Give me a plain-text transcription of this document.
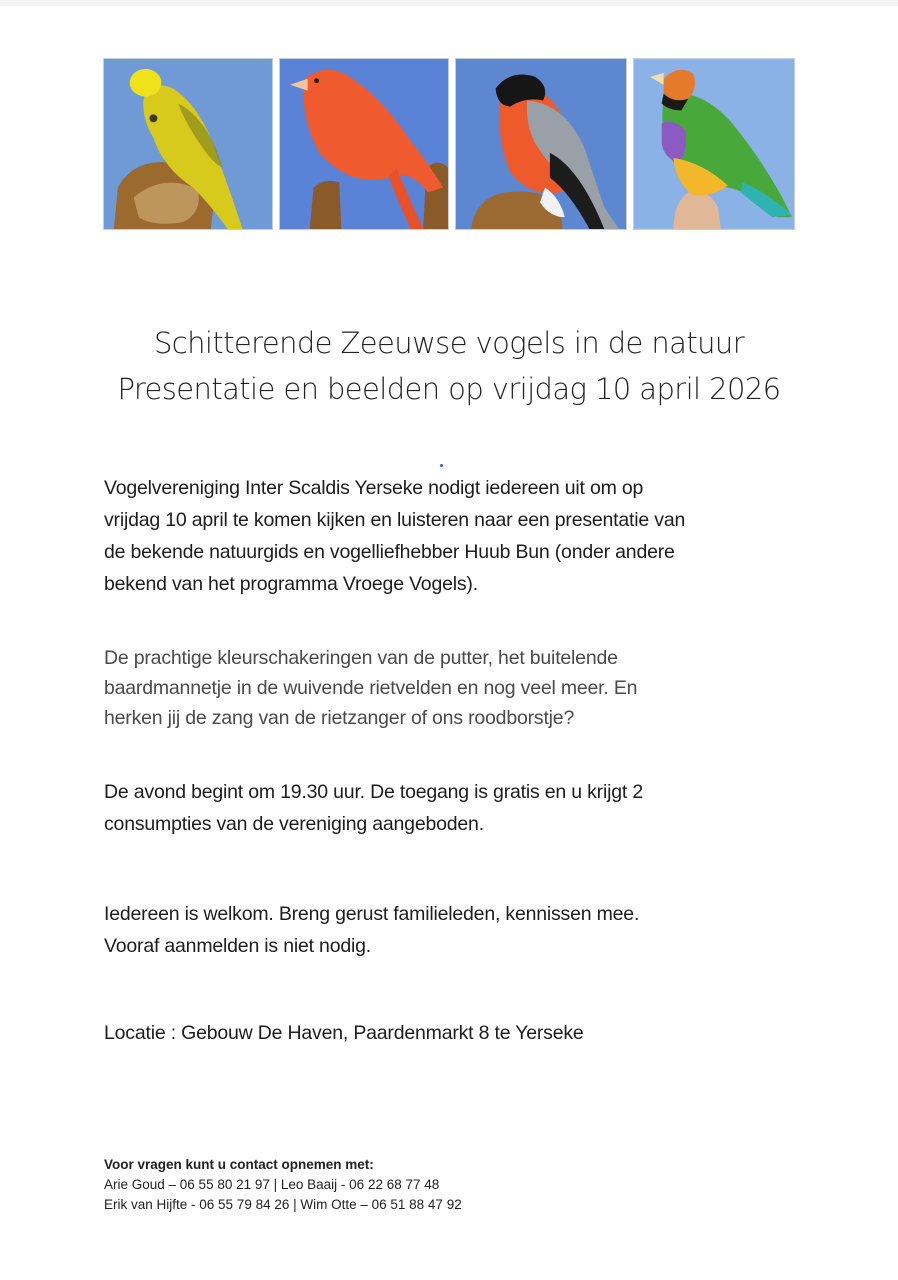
Schitterende Zeeuwse vogels in de natuur
Presentatie en beelden op vrijdag 10 april 2026
Vogelvereniging Inter Scaldis Yerseke nodigt iedereen uit om op
vrijdag 10 april te komen kijken en luisteren naar een presentatie van
de bekende natuurgids en vogelliefhebber Huub Bun (onder andere
bekend van het programma Vroege Vogels).
De prachtige kleurschakeringen van de putter, het buitelende
baardmannetje in de wuivende rietvelden en nog veel meer. En
herken jij de zang van de rietzanger of ons roodborstje?
De avond begint om 19.30 uur. De toegang is gratis en u krijgt 2
consumpties van de vereniging aangeboden.
Iedereen is welkom. Breng gerust familieleden, kennissen mee.
Vooraf aanmelden is niet nodig.
Locatie : Gebouw De Haven, Paardenmarkt 8 te Yerseke
Voor vragen kunt u contact opnemen met:
Arie Goud – 06 55 80 21 97 | Leo Baaij - 06 22 68 77 48
Erik van Hijfte - 06 55 79 84 26 | Wim Otte – 06 51 88 47 92
